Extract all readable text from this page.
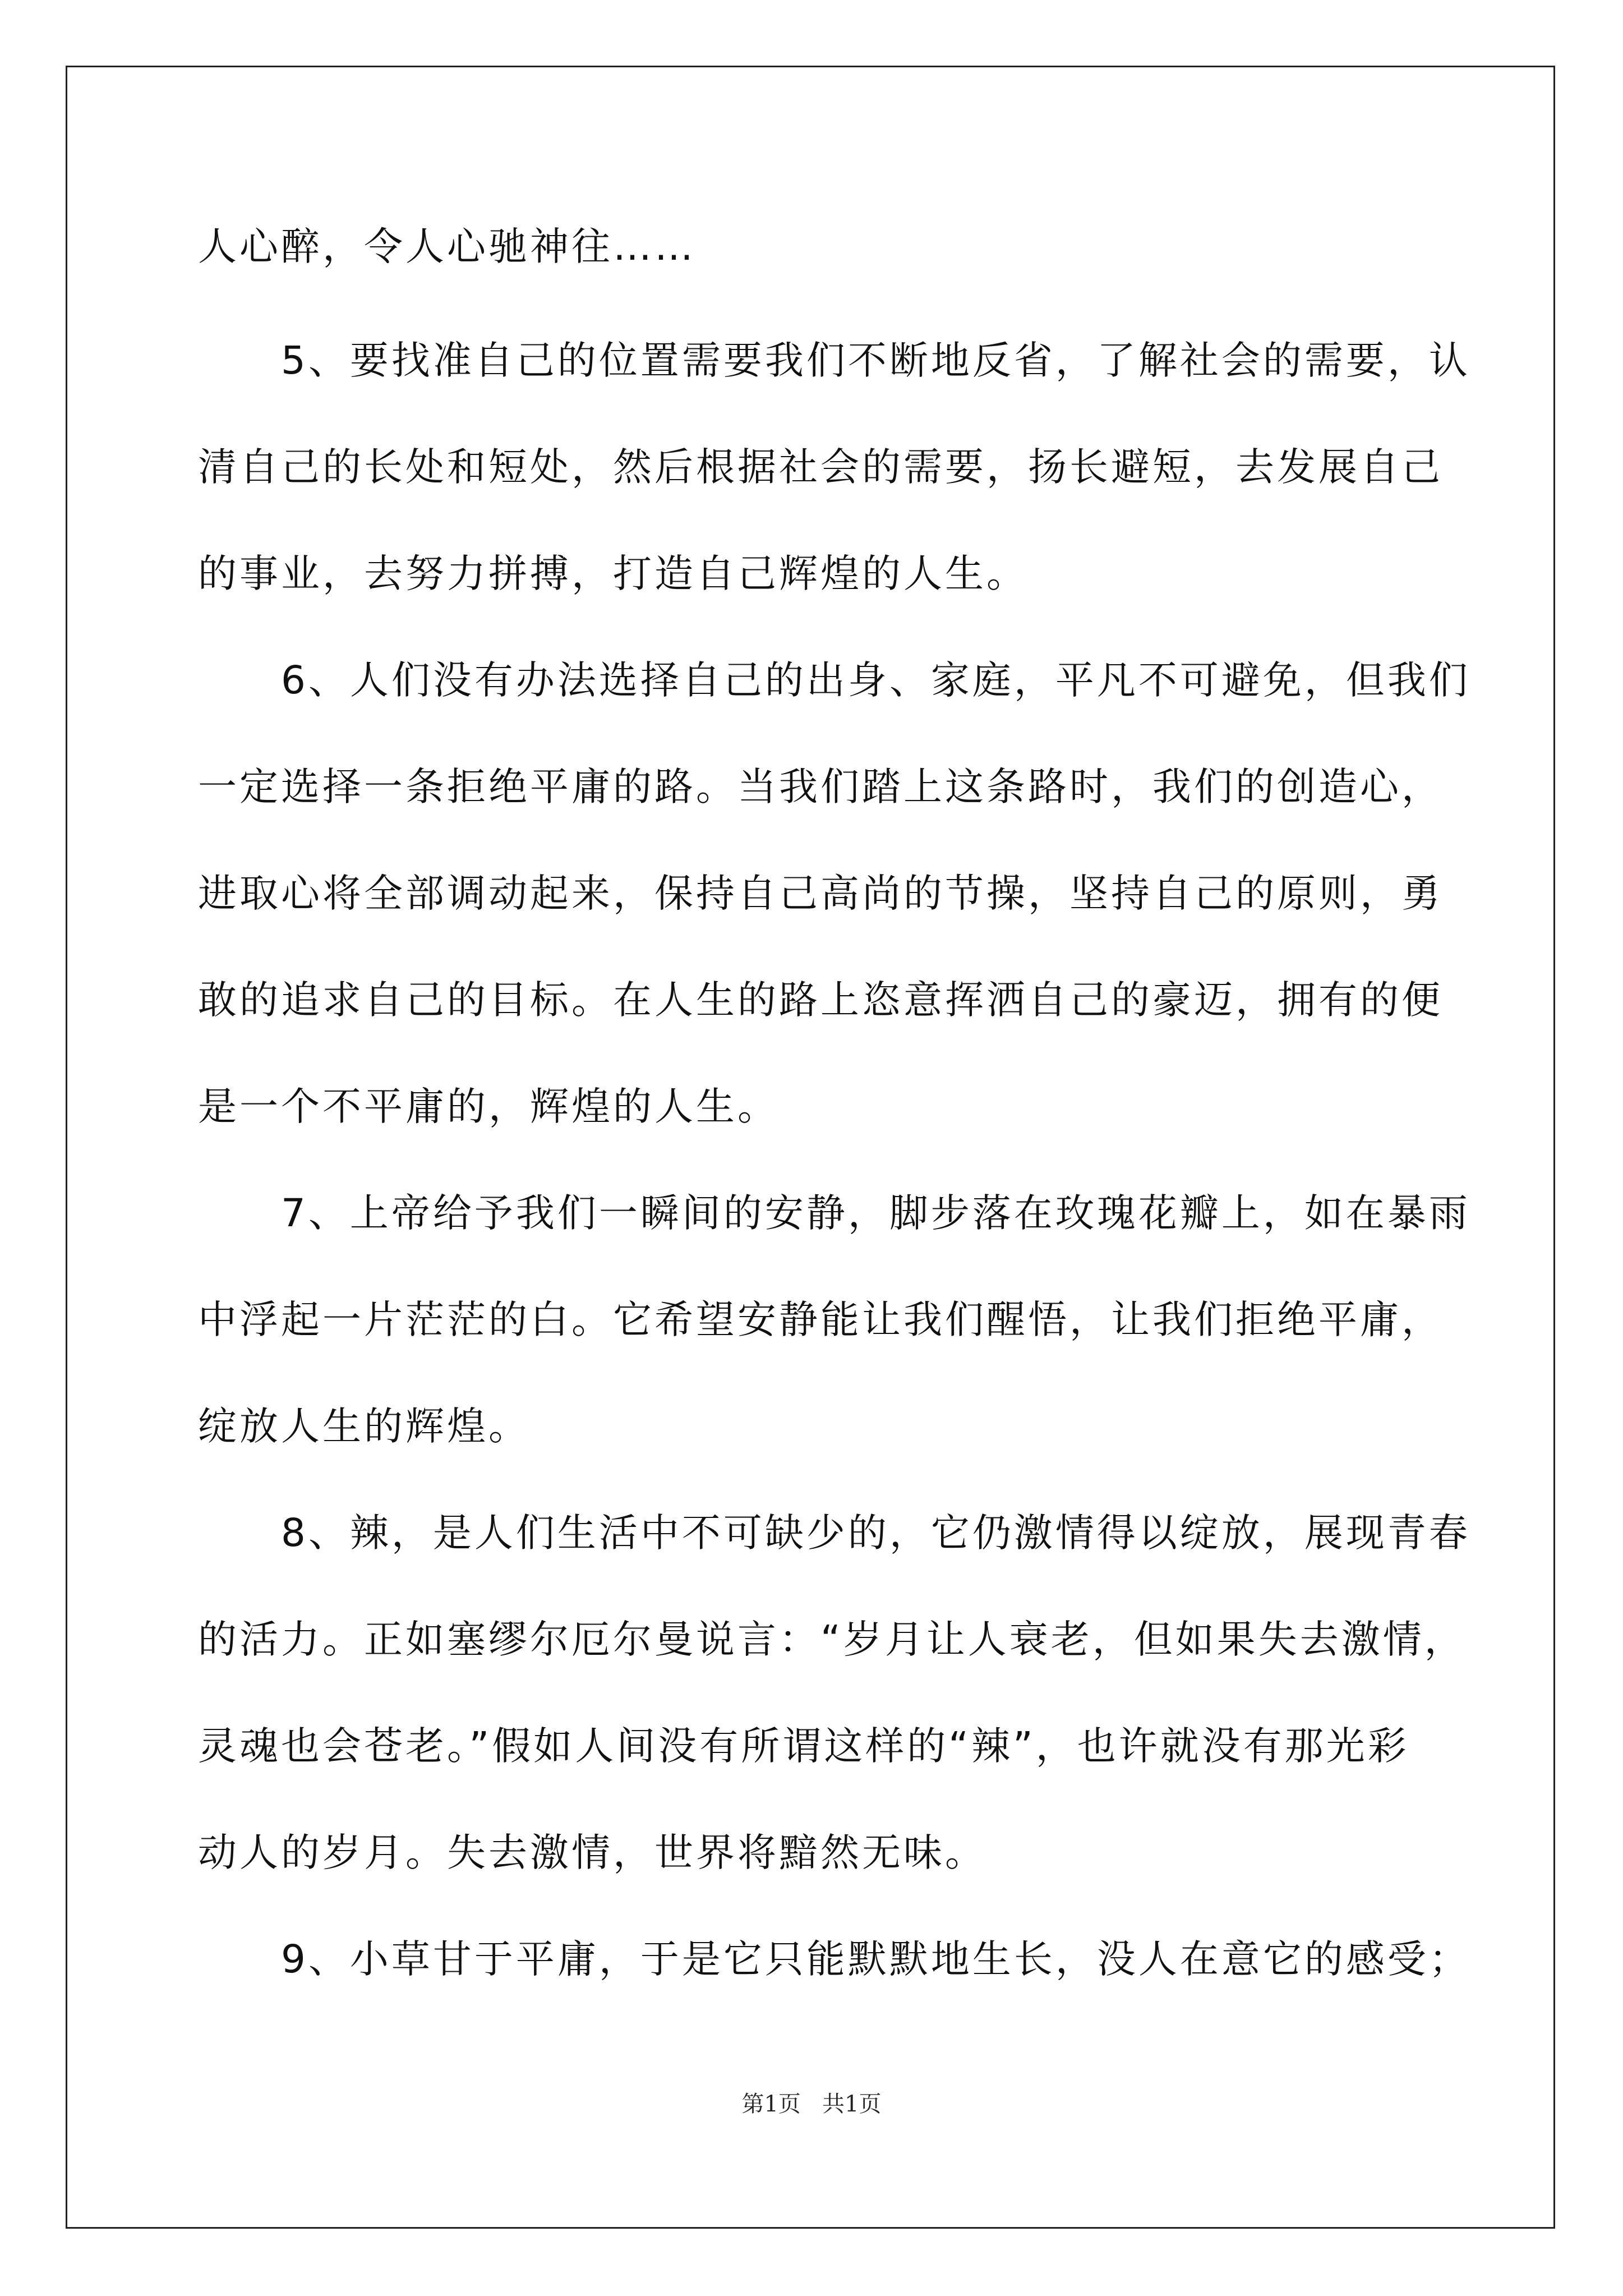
人心醉，令人心驰神往……
　　5、要找准自己的位置需要我们不断地反省，了解社会的需要，认
清自己的长处和短处，然后根据社会的需要，扬长避短，去发展自己
的事业，去努力拼搏，打造自己辉煌的人生。
　　6、人们没有办法选择自己的出身、家庭，平凡不可避免，但我们
一定选择一条拒绝平庸的路。当我们踏上这条路时，我们的创造心，
进取心将全部调动起来，保持自己高尚的节操，坚持自己的原则，勇
敢的追求自己的目标。在人生的路上恣意挥洒自己的豪迈，拥有的便
是一个不平庸的，辉煌的人生。
　　7、上帝给予我们一瞬间的安静，脚步落在玫瑰花瓣上，如在暴雨
中浮起一片茫茫的白。它希望安静能让我们醒悟，让我们拒绝平庸，
绽放人生的辉煌。
　　8、辣，是人们生活中不可缺少的，它仍激情得以绽放，展现青春
的活力。正如塞缪尔厄尔曼说言：“岁月让人衰老，但如果失去激情，
灵魂也会苍老。”假如人间没有所谓这样的“辣”，也许就没有那光彩
动人的岁月。失去激情，世界将黯然无味。
　　9、小草甘于平庸，于是它只能默默地生长，没人在意它的感受；
第1页   共1页
